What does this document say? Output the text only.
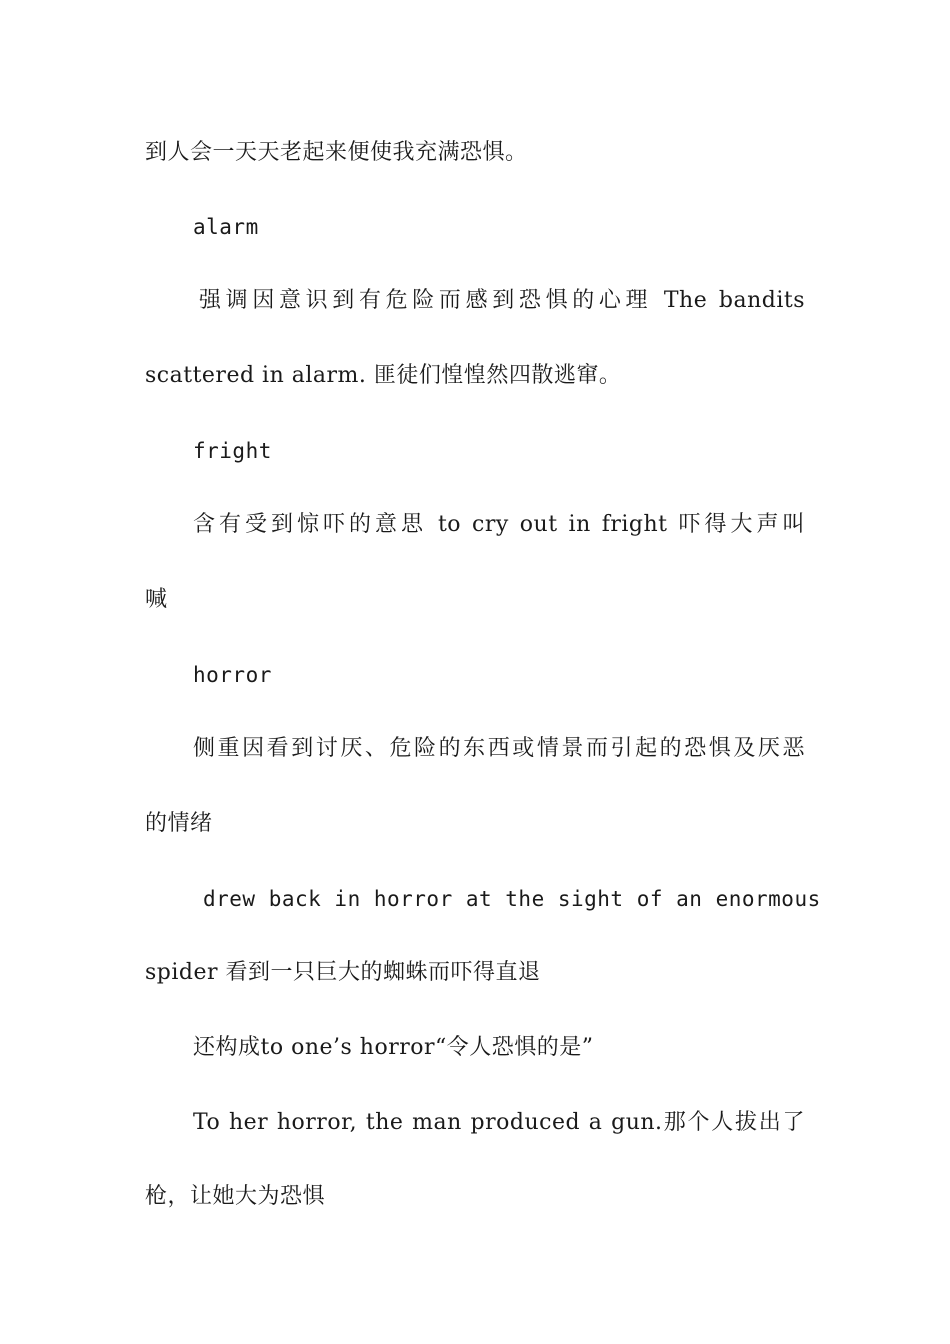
到人会一天天老起来便使我充满恐惧。
alarm
强调因意识到有危险而感到恐惧的心理 The bandits
scattered in alarm. 匪徒们惶惶然四散逃窜。
fright
含有受到惊吓的意思 to cry out in fright 吓得大声叫
喊
horror
侧重因看到讨厌、危险的东西或情景而引起的恐惧及厌恶
的情绪
drew back in horror at the sight of an enormous
spider 看到一只巨大的蜘蛛而吓得直退
还构成to one’s horror“令人恐惧的是”
To her horror, the man produced a gun.那个人拔出了
枪，让她大为恐惧
